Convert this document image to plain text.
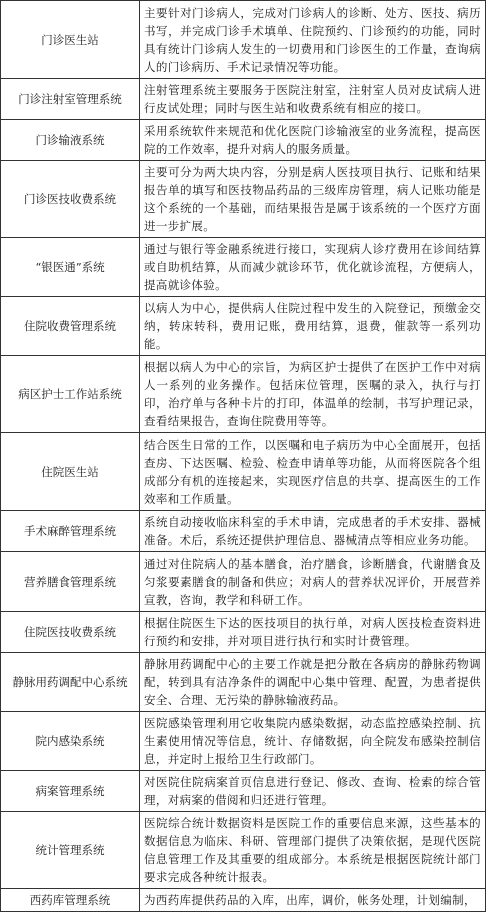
门诊医生站	主要针对门诊病人，完成对门诊病人的诊断、处方、医技、病历书写，并完成门诊手术填单、住院预约、门诊预约的功能，同时具有统计门诊病人发生的一切费用和门诊医生的工作量，查询病人的门诊病历、手术记录情况等功能。
门诊注射室管理系统	注射管理系统主要服务于医院注射室，注射室人员对皮试病人进行皮试处理；同时与医生站和收费系统有相应的接口。
门诊输液系统	采用系统软件来规范和优化医院门诊输液室的业务流程，提高医院的工作效率，提升对病人的服务质量。
门诊医技收费系统	主要可分为两大块内容，分别是病人医技项目执行、记账和结果报告单的填写和医技物品药品的三级库房管理，病人记账功能是这个系统的一个基础，而结果报告是属于该系统的一个医疗方面进一步扩展。
“银医通”系统	通过与银行等金融系统进行接口，实现病人诊疗费用在诊间结算或自助机结算，从而减少就诊环节，优化就诊流程，方便病人，提高就诊体验。
住院收费管理系统	以病人为中心，提供病人住院过程中发生的入院登记，预缴金交纳，转床转科，费用记账，费用结算，退费，催款等一系列功能。
病区护士工作站系统	根据以病人为中心的宗旨，为病区护士提供了在医护工作中对病人一系列的业务操作。包括床位管理，医嘱的录入，执行与打印，治疗单与各种卡片的打印，体温单的绘制，书写护理记录，查看结果报告，查询住院费用等等。
住院医生站	结合医生日常的工作，以医嘱和电子病历为中心全面展开，包括查房、下达医嘱、检验、检查申请单等功能，从而将医院各个组成部分有机的连接起来，实现医疗信息的共享、提高医生的工作效率和工作质量。
手术麻醉管理系统	系统自动接收临床科室的手术申请，完成患者的手术安排、器械准备。术后，系统还提供护理信息、器械清点等相应业务功能。
营养膳食管理系统	通过对住院病人的基本膳食，治疗膳食，诊断膳食，代谢膳食及匀浆要素膳食的制备和供应；对病人的营养状况评价，开展营养宣教，咨询，教学和科研工作。
住院医技收费系统	根据住院医生下达的医技项目的执行单，对病人医技检查资料进行预约和安排，并对项目进行执行和实时计费管理。
静脉用药调配中心系统	静脉用药调配中心的主要工作就是把分散在各病房的静脉药物调配，转到具有洁净条件的调配中心集中管理、配置，为患者提供安全、合理、无污染的静脉输液药品。
院内感染系统	医院感染管理利用它收集院内感染数据，动态监控感染控制、抗生素使用情况等信息，统计、存储数据，向全院发布感染控制信息，并定时上报给卫生行政部门。
病案管理系统	对医院住院病案首页信息进行登记、修改、查询、检索的综合管理，对病案的借阅和归还进行管理。
统计管理系统	医院综合统计数据资料是医院工作的重要信息来源，这些基本的数据信息为临床、科研、管理部门提供了决策依据，是现代医院信息管理工作及其重要的组成部分。本系统是根据医院统计部门要求完成各种统计报表。
西药库管理系统	为西药库提供药品的入库，出库，调价，帐务处理，计划编制，
